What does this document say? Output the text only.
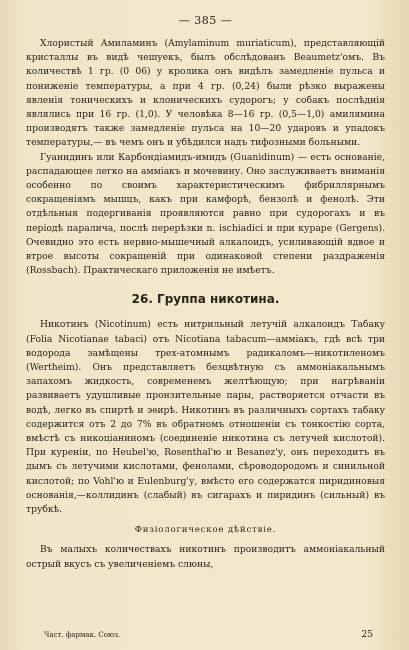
— 385 —

Хлористый Амиламинъ (Amylaminum muriaticum), представляющій кристаллы въ видѣ чешуекъ, былъ обслѣдованъ Beaumetz'омъ. Въ количествѣ 1 гр. (0 06) у кролика онъ видѣлъ замедленіе пульса и пониженіе температуры, а при 4 гр. (0,24) были рѣзко выражены явленія тоническихъ и клоническихъ судорогъ; у собакъ послѣднія являлись при 16 гр. (1,0). У человѣка 8—16 гр. (0,5—1,0) амилямина производятъ также замедленіе пульса на 10—20 ударовъ и упадокъ температуры,— въ чемъ онъ и убѣдился надъ тифозными больными.

Гуанидинъ или Карбондіамидъ-имидъ (Guanidinum) — есть основаніе, распадающее легко на аммiакъ и мочевину. Оно заслуживаетъ вниманія особенно по своимъ характеристическимъ фибриллярнымъ сокращеніямъ мышцъ, какъ при камфорѣ, бензолѣ и фенолѣ. Эти отдѣльныя подергиванія проявляются равно при судорогахъ и въ періодѣ паралича, послѣ перерѣзки n. ischiadici и при кураре (Gergens). Очевидно это есть нервно-мышечный алкалоидъ, усиливающій вдвое и втрое высоты сокращеній при одинаковой степени раздраженія (Rossbach). Практическаго приложенія не имѣетъ.

26. Группа никотина.

Никотинъ (Nicotinum) есть нитрильный летучій алкалоидъ Табаку (Folia Nicotianae tabaci) отъ Nicotiana tabacum—аммiакъ, гдѣ всѣ три водорода замѣщены трех-атомнымъ радикаломъ—никотиленомъ (Wertheim). Онъ представляетъ безцвѣтную съ аммоніакальнымъ запахомъ жидкость, современемъ желтѣющую; при нагрѣваніи развиваетъ удушливые пронзительные пары, растворяется отчасти въ водѣ, легко въ спиртѣ и эѳирѣ. Никотинъ въ различныхъ сортахъ табаку содержится отъ 2 до 7% въ обратномъ отношеніи съ тонкостію сорта, вмѣстѣ съ никоціаниномъ (соединеніе никотина съ летучей кислотой). При куреніи, по Heubel'ю, Rosenthal'ю и Besanez'у, онъ переходитъ въ дымъ съ летучими кислотами, фенолами, сѣроводородомъ и синильной кислотой; по Vohl'ю и Eulenburg'у, вмѣсто его содержатся пиридиновыя основанія,—коллидинъ (слабый) въ сигарахъ и пиридинъ (сильный) въ трубкѣ.

Физіологическое дѣйствіе.

Въ малыхъ количествахъ никотинъ производитъ аммоніакальный острый вкусъ съ увеличеніемъ слюны,

Част. фармак. Союз.	25
